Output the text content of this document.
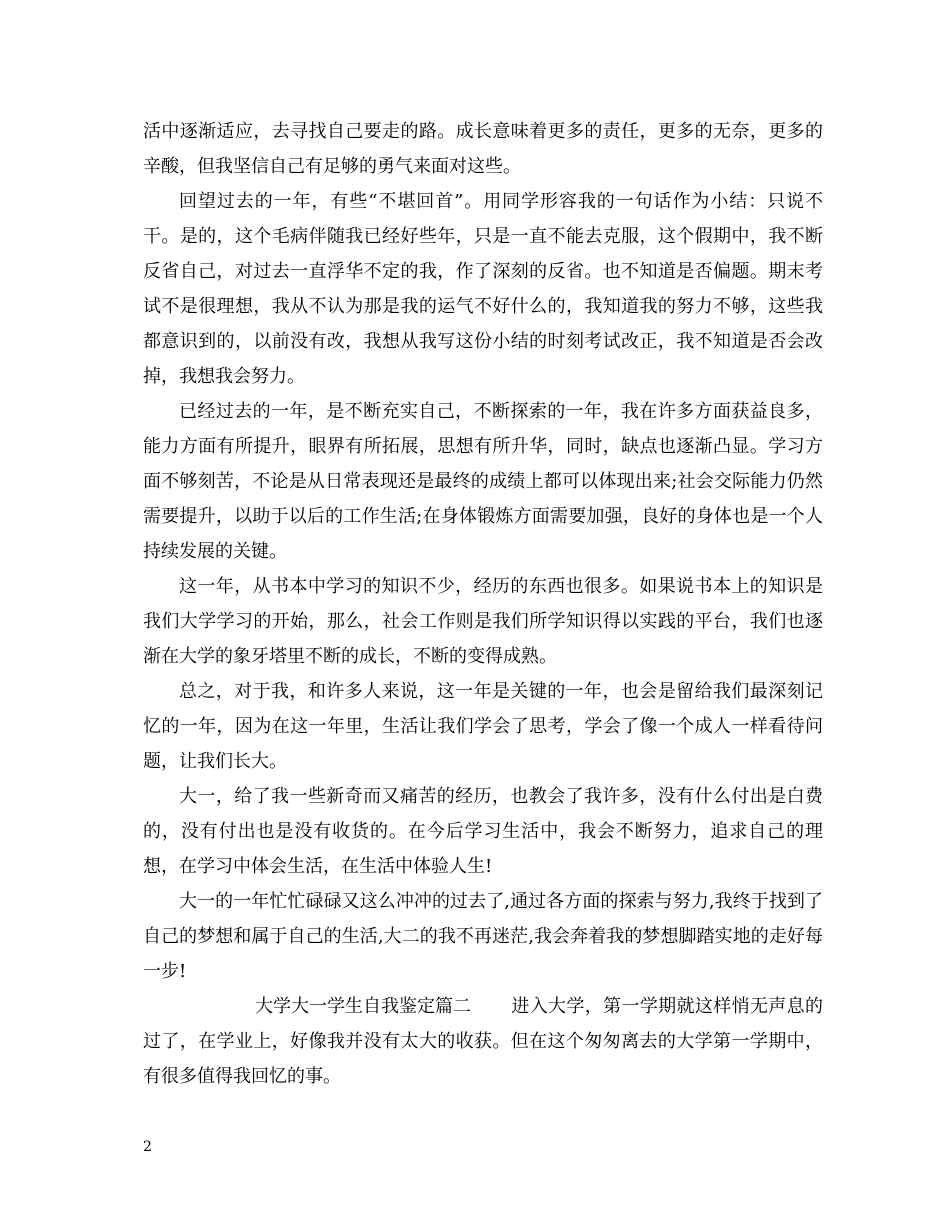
活中逐渐适应，去寻找自己要走的路。成长意味着更多的责任，更多的无奈，更多的辛酸，但我坚信自己有足够的勇气来面对这些。

回望过去的一年，有些“不堪回首”。用同学形容我的一句话作为小结：只说不干。是的，这个毛病伴随我已经好些年，只是一直不能去克服，这个假期中，我不断反省自己，对过去一直浮华不定的我，作了深刻的反省。也不知道是否偏题。期末考试不是很理想，我从不认为那是我的运气不好什么的，我知道我的努力不够，这些我都意识到的，以前没有改，我想从我写这份小结的时刻考试改正，我不知道是否会改掉，我想我会努力。

已经过去的一年，是不断充实自己，不断探索的一年，我在许多方面获益良多，能力方面有所提升，眼界有所拓展，思想有所升华，同时，缺点也逐渐凸显。学习方面不够刻苦，不论是从日常表现还是最终的成绩上都可以体现出来;社会交际能力仍然需要提升，以助于以后的工作生活;在身体锻炼方面需要加强，良好的身体也是一个人持续发展的关键。

这一年，从书本中学习的知识不少，经历的东西也很多。如果说书本上的知识是我们大学学习的开始，那么，社会工作则是我们所学知识得以实践的平台，我们也逐渐在大学的象牙塔里不断的成长，不断的变得成熟。

总之，对于我，和许多人来说，这一年是关键的一年，也会是留给我们最深刻记忆的一年，因为在这一年里，生活让我们学会了思考，学会了像一个成人一样看待问题，让我们长大。

大一，给了我一些新奇而又痛苦的经历，也教会了我许多，没有什么付出是白费的，没有付出也是没有收货的。在今后学习生活中，我会不断努力，追求自己的理想，在学习中体会生活，在生活中体验人生!

大一的一年忙忙碌碌又这么冲冲的过去了,通过各方面的探索与努力,我终于找到了自己的梦想和属于自己的生活,大二的我不再迷茫,我会奔着我的梦想脚踏实地的走好每一步!

大学大一学生自我鉴定篇二 进入大学，第一学期就这样悄无声息的过了，在学业上，好像我并没有太大的收获。但在这个匆匆离去的大学第一学期中，有很多值得我回忆的事。

2
